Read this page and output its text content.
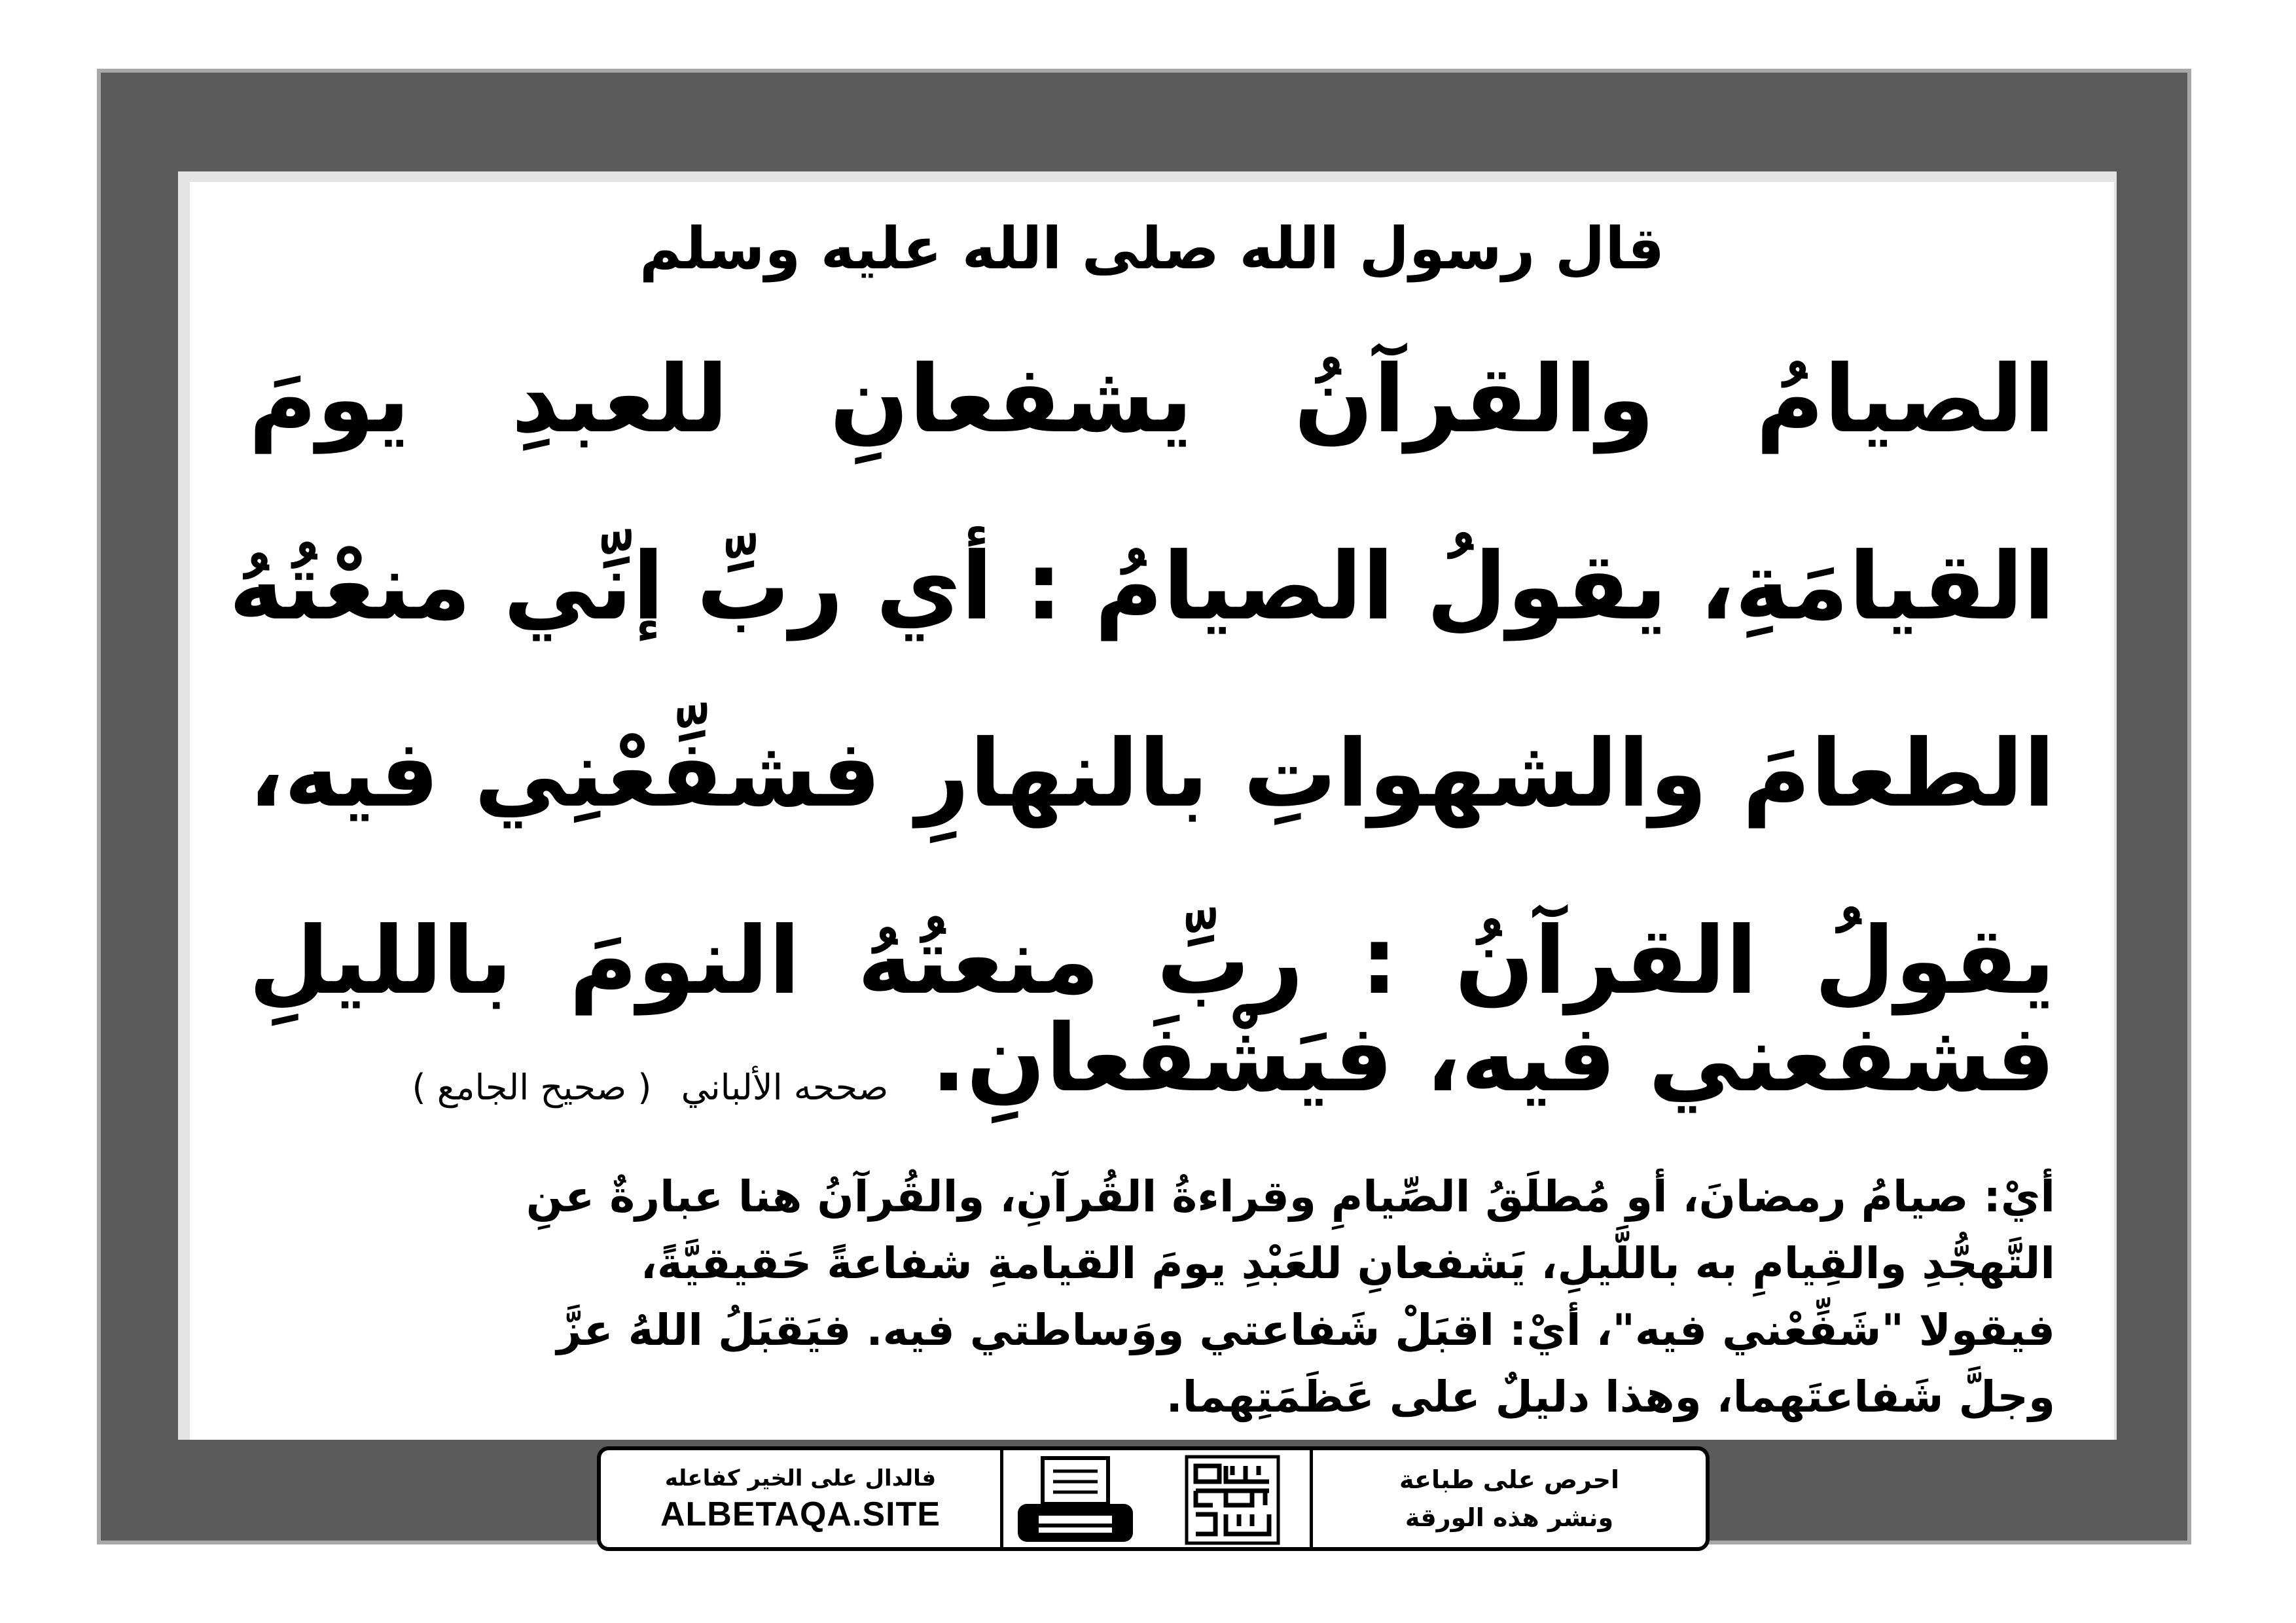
قال رسول الله صلى الله عليه وسلم
الصيامُ والقرآنُ يشفعانِ للعبدِ يومَ
القيامَةِ، يقولُ الصيامُ : أي ربِّ إنِّي منعْتُهُ
الطعامَ والشهواتِ بالنهارِ فشفِّعْنِي فيه،
يقولُ القرآنُ : ربِّ منعتُهُ النومَ بالليلِ
فشفعني فيه، فيَشْفَعانِ. صححه الألباني ( صحيح الجامع )
أيْ: صيامُ رمضانَ، أو مُطلَقُ الصِّيامِ وقراءةُ القُرآنِ، والقُرآنُ هنا عبارةٌ عنِ
التَّهجُّدِ والقِيامِ به باللَّيلِ، يَشفعانِ للعَبْدِ يومَ القيامةِ شفاعةً حَقيقيَّةً،
فيقولا "شَفِّعْني فيه"، أيْ: اقبَلْ شَفاعتي ووَساطتي فيه. فيَقبَلُ اللهُ عزَّ
وجلَّ شَفاعتَهما، وهذا دليلٌ على عَظَمَتِهما.
فالدال على الخير كفاعله
ALBETAQA.SITE
احرص على طباعة
ونشر هذه الورقة
